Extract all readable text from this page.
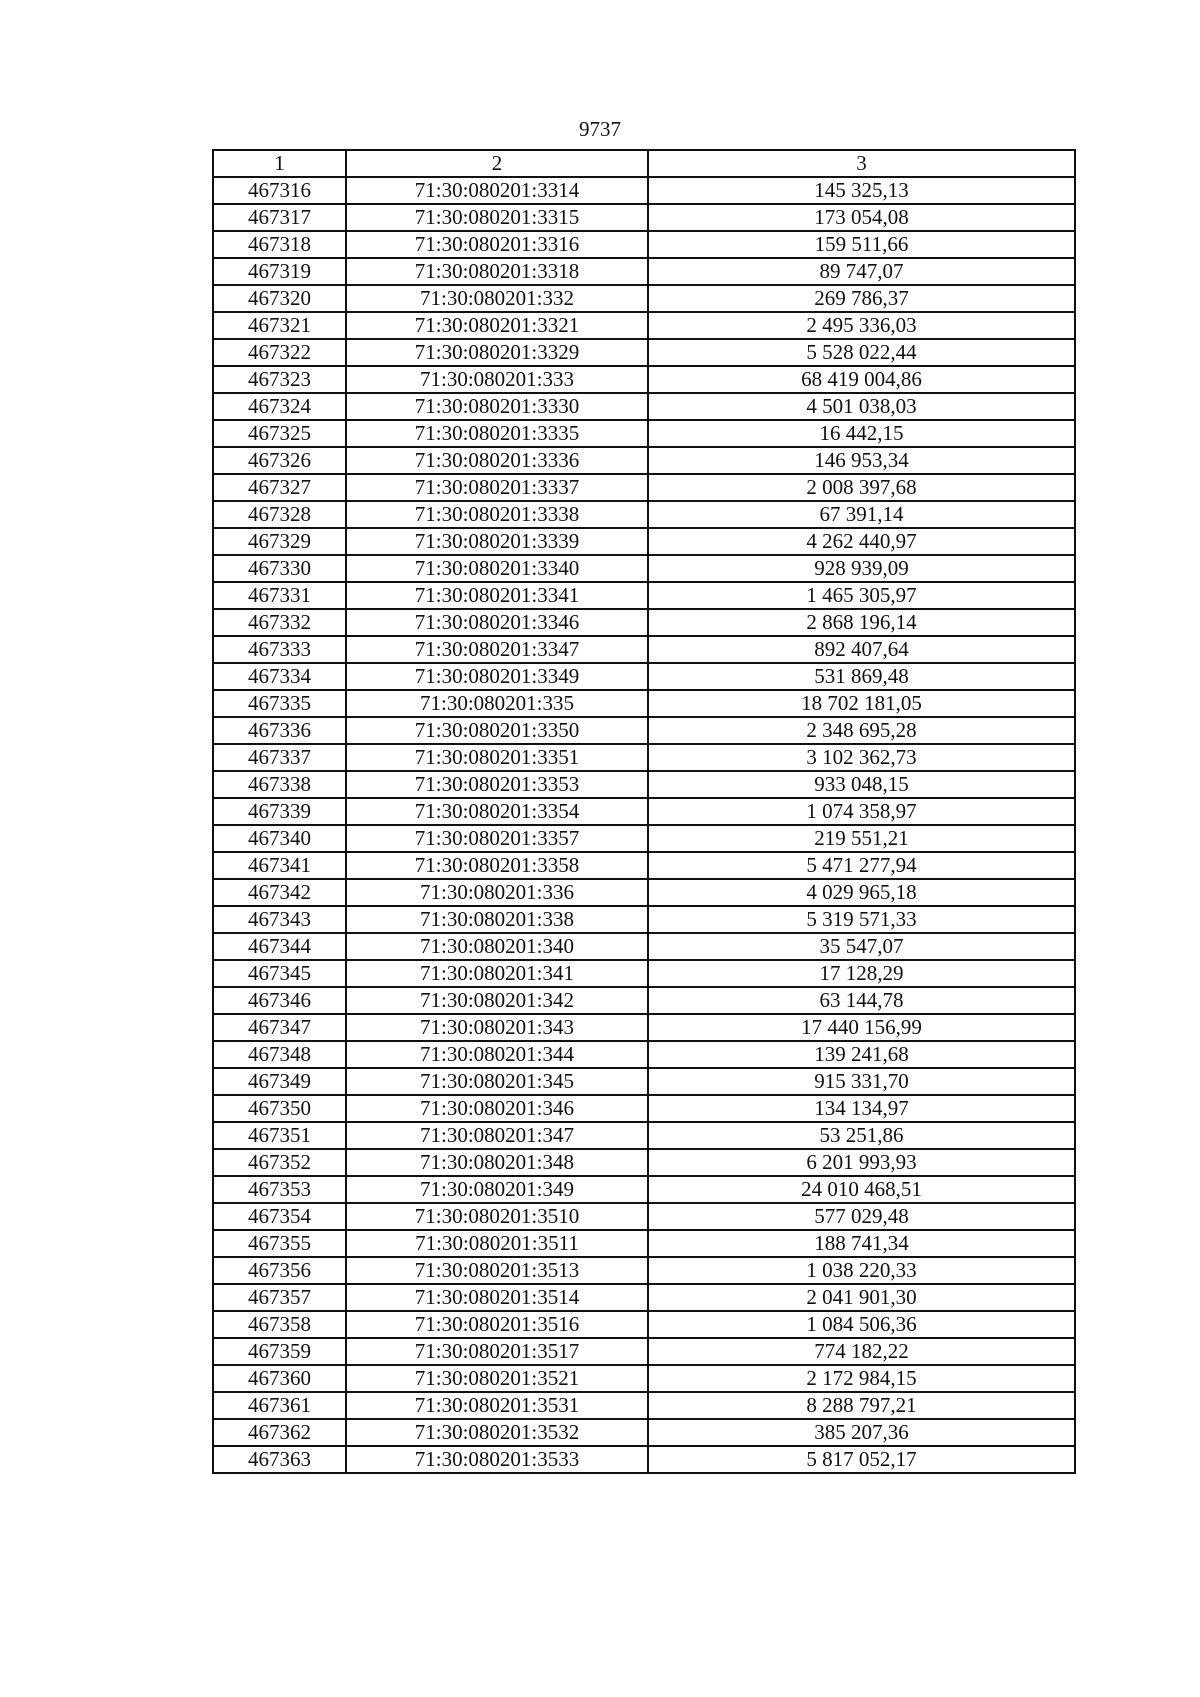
9737
1	2	3
467316	71:30:080201:3314	145 325,13
467317	71:30:080201:3315	173 054,08
467318	71:30:080201:3316	159 511,66
467319	71:30:080201:3318	89 747,07
467320	71:30:080201:332	269 786,37
467321	71:30:080201:3321	2 495 336,03
467322	71:30:080201:3329	5 528 022,44
467323	71:30:080201:333	68 419 004,86
467324	71:30:080201:3330	4 501 038,03
467325	71:30:080201:3335	16 442,15
467326	71:30:080201:3336	146 953,34
467327	71:30:080201:3337	2 008 397,68
467328	71:30:080201:3338	67 391,14
467329	71:30:080201:3339	4 262 440,97
467330	71:30:080201:3340	928 939,09
467331	71:30:080201:3341	1 465 305,97
467332	71:30:080201:3346	2 868 196,14
467333	71:30:080201:3347	892 407,64
467334	71:30:080201:3349	531 869,48
467335	71:30:080201:335	18 702 181,05
467336	71:30:080201:3350	2 348 695,28
467337	71:30:080201:3351	3 102 362,73
467338	71:30:080201:3353	933 048,15
467339	71:30:080201:3354	1 074 358,97
467340	71:30:080201:3357	219 551,21
467341	71:30:080201:3358	5 471 277,94
467342	71:30:080201:336	4 029 965,18
467343	71:30:080201:338	5 319 571,33
467344	71:30:080201:340	35 547,07
467345	71:30:080201:341	17 128,29
467346	71:30:080201:342	63 144,78
467347	71:30:080201:343	17 440 156,99
467348	71:30:080201:344	139 241,68
467349	71:30:080201:345	915 331,70
467350	71:30:080201:346	134 134,97
467351	71:30:080201:347	53 251,86
467352	71:30:080201:348	6 201 993,93
467353	71:30:080201:349	24 010 468,51
467354	71:30:080201:3510	577 029,48
467355	71:30:080201:3511	188 741,34
467356	71:30:080201:3513	1 038 220,33
467357	71:30:080201:3514	2 041 901,30
467358	71:30:080201:3516	1 084 506,36
467359	71:30:080201:3517	774 182,22
467360	71:30:080201:3521	2 172 984,15
467361	71:30:080201:3531	8 288 797,21
467362	71:30:080201:3532	385 207,36
467363	71:30:080201:3533	5 817 052,17
